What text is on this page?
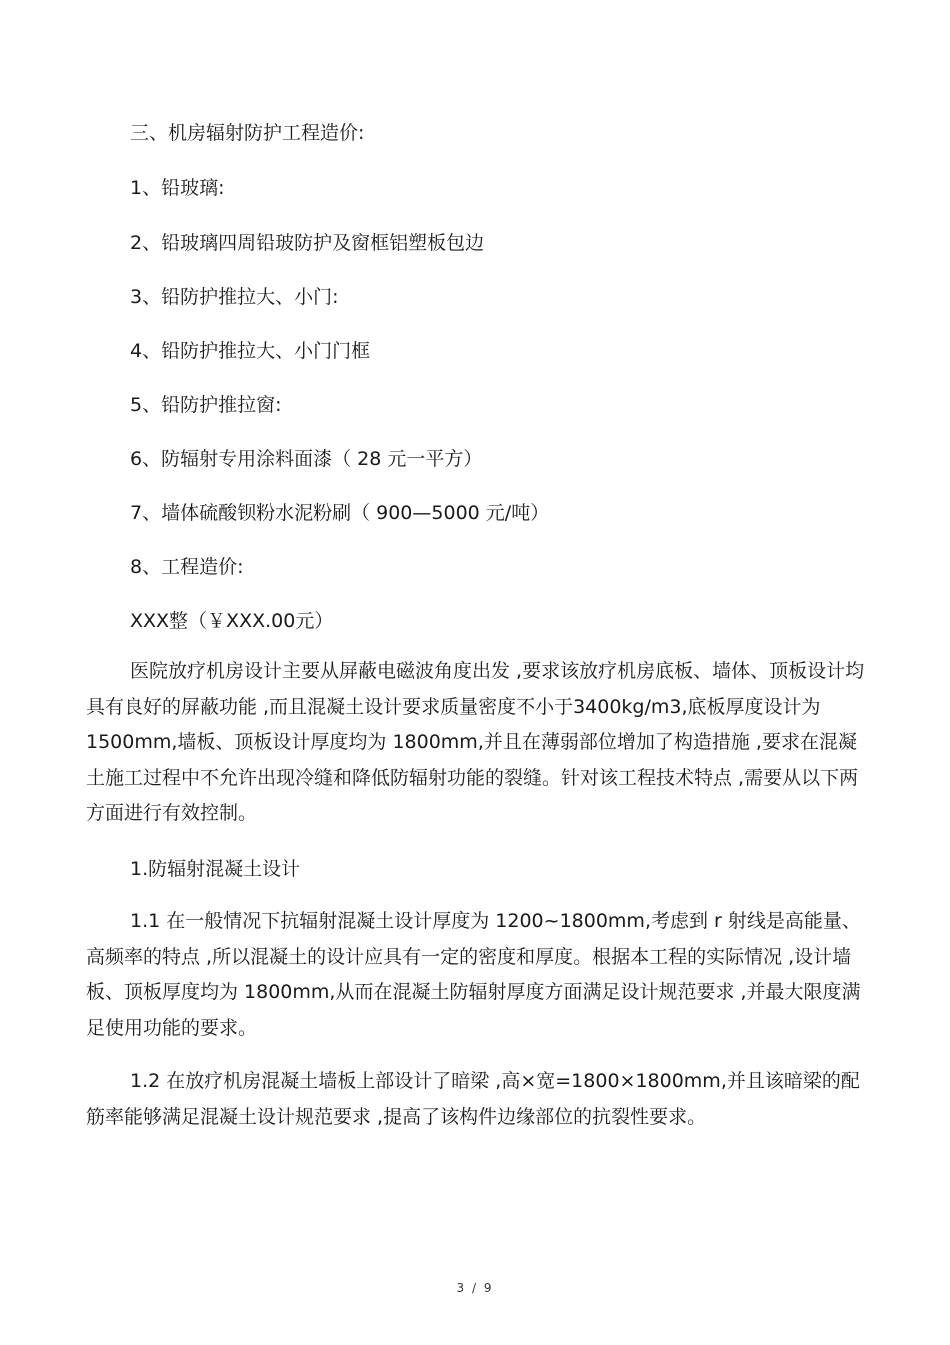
三、机房辐射防护工程造价:
1、铅玻璃:
2、铅玻璃四周铅玻防护及窗框铝塑板包边
3、铅防护推拉大、小门:
4、铅防护推拉大、小门门框
5、铅防护推拉窗:
6、防辐射专用涂料面漆（ 28 元一平方）
7、墙体硫酸钡粉水泥粉刷（ 900—5000 元/吨）
8、工程造价:
XXX整（￥XXX.00元）

医院放疗机房设计主要从屏蔽电磁波角度出发 ,要求该放疗机房底板、墙体、顶板设计均具有良好的屏蔽功能 ,而且混凝土设计要求质量密度不小于3400kg/m3,底板厚度设计为 1500mm,墙板、顶板设计厚度均为 1800mm,并且在薄弱部位增加了构造措施 ,要求在混凝土施工过程中不允许出现冷缝和降低防辐射功能的裂缝。针对该工程技术特点 ,需要从以下两方面进行有效控制。

1.防辐射混凝土设计

1.1 在一般情况下抗辐射混凝土设计厚度为 1200~1800mm,考虑到 r 射线是高能量、高频率的特点 ,所以混凝土的设计应具有一定的密度和厚度。根据本工程的实际情况 ,设计墙板、顶板厚度均为 1800mm,从而在混凝土防辐射厚度方面满足设计规范要求 ,并最大限度满足使用功能的要求。

1.2 在放疗机房混凝土墙板上部设计了暗梁 ,高×宽=1800×1800mm,并且该暗梁的配筋率能够满足混凝土设计规范要求 ,提高了该构件边缘部位的抗裂性要求。

3 / 9
